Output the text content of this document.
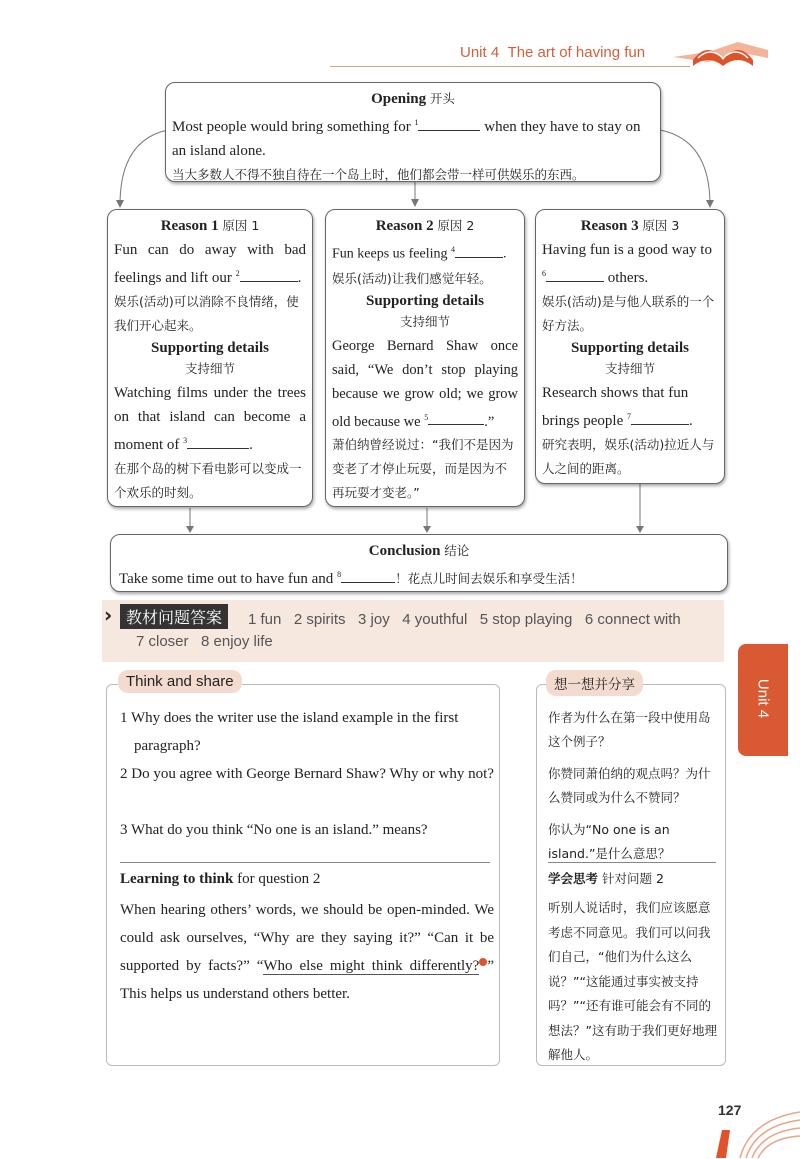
Unit 4 The art of having fun
Opening 开头
Most people would bring something for $^1$	when they have to stay on an island alone.
当大多数人不得不独自待在一个岛上时，他们都会带一样可供娱乐的东西。
Reason 1 原因 1
Fun can do away with bad feelings and lift our $^2$	.
娱乐(活动)可以消除不良情绪，使我们开心起来。
Supporting details
支持细节
Watching films under the trees on that island can become a moment of $^3$	.
在那个岛的树下看电影可以变成一个欢乐的时刻。
Reason 2 原因 2
Fun keeps us feeling $^4$	.
娱乐(活动)让我们感觉年轻。
Supporting details
支持细节
George Bernard Shaw once said, “We don’t stop playing because we grow old; we grow old because we $^5$	.”
萧伯纳曾经说过：“我们不是因为变老了才停止玩耍，而是因为不再玩耍才变老。”
Reason 3 原因 3
Having fun is a good way to $^6$	others.
娱乐(活动)是与他人联系的一个好方法。
Supporting details
支持细节
Research shows that fun brings people $^7$	.
研究表明，娱乐(活动)拉近人与人之间的距离。
Conclusion 结论
Take some time out to have fun and $^8$	！花点儿时间去娱乐和享受生活！
› 教材问题答案	1 fun   2 spirits   3 joy   4 youthful   5 stop playing   6 connect with
7 closer   8 enjoy life
Think and share
1 Why does the writer use the island example in the first paragraph?
2 Do you agree with George Bernard Shaw? Why or why not?
3 What do you think “No one is an island.” means?
Learning to think for question 2
When hearing others’ words, we should be open-minded. We could ask ourselves, “Why are they saying it?” “Can it be supported by facts?” “Who else might think differently? ” This helps us understand others better.
想一想并分享
作者为什么在第一段中使用岛这个例子？
你赞同萧伯纳的观点吗？为什么赞同或为什么不赞同？
你认为“No one is an island.”是什么意思？
学会思考 针对问题 2
听别人说话时，我们应该愿意考虑不同意见。我们可以问我们自己，“他们为什么这么说？”“这能通过事实被支持吗？”“还有谁可能会有不同的想法？”这有助于我们更好地理解他人。
Unit 4
127
